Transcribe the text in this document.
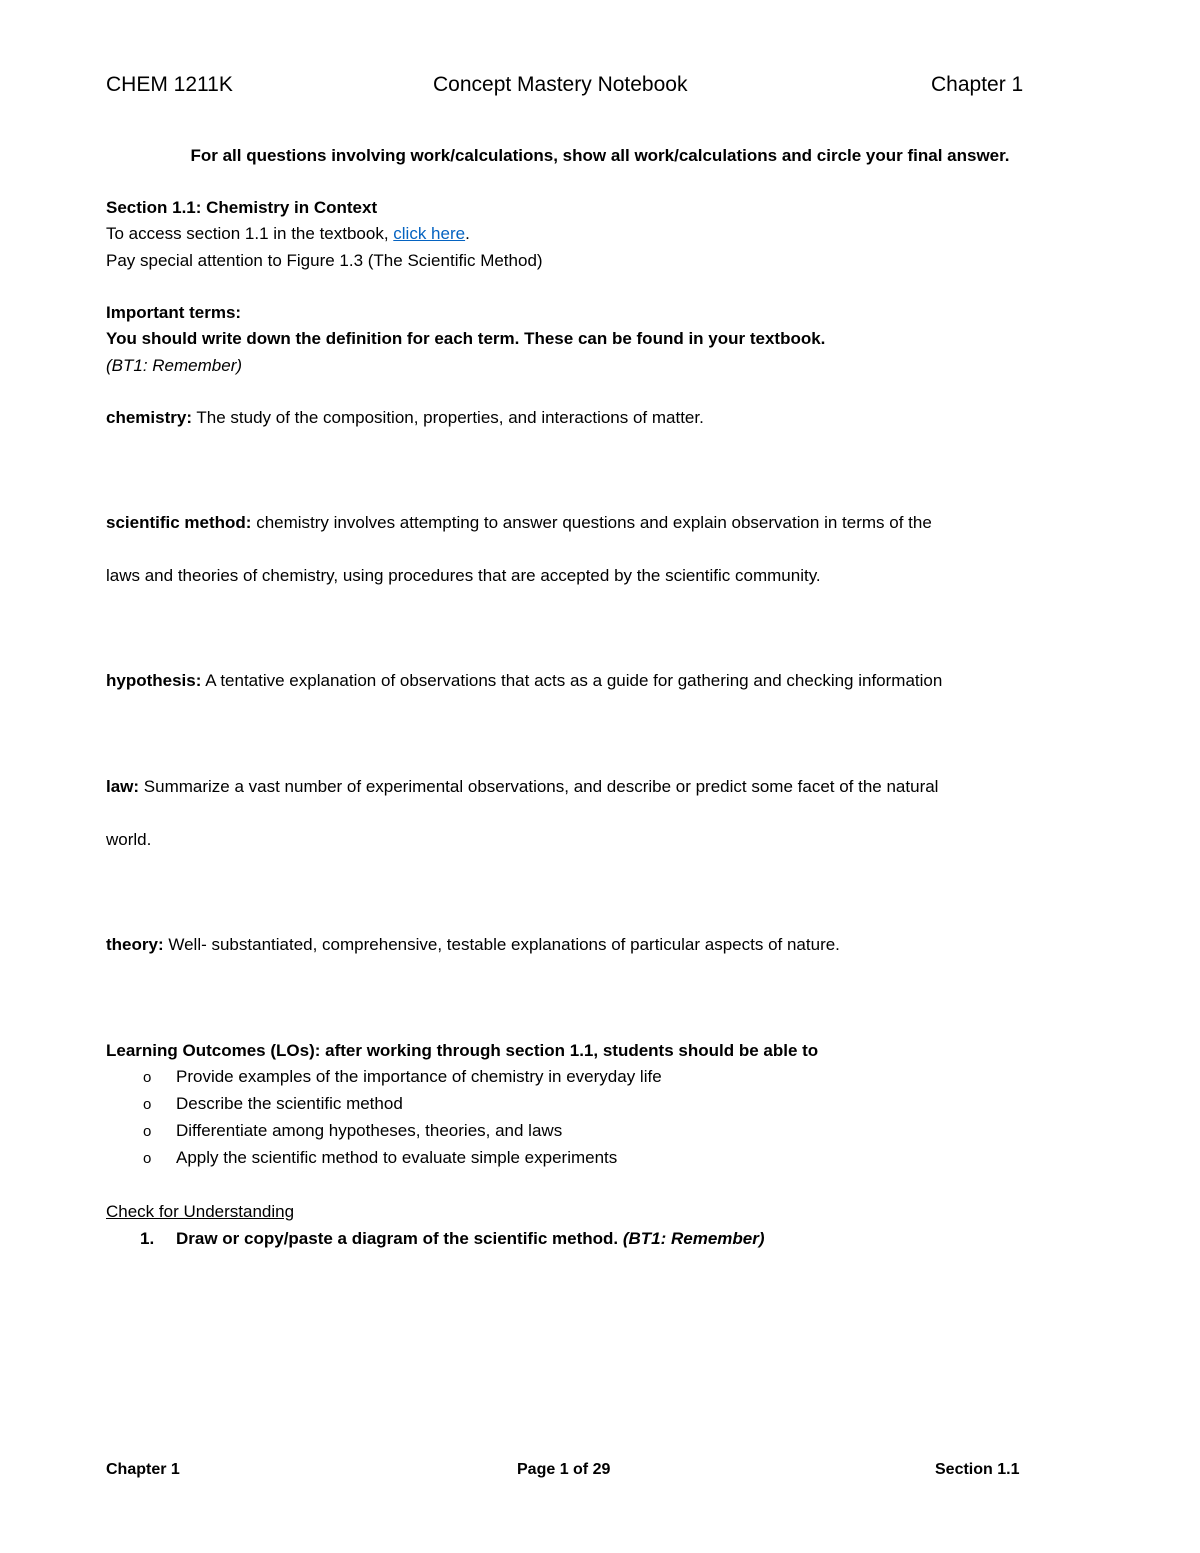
CHEM 1211K	Concept Mastery Notebook	Chapter 1
For all questions involving work/calculations, show all work/calculations and circle your final answer.
Section 1.1: Chemistry in Context
To access section 1.1 in the textbook, click here.
Pay special attention to Figure 1.3 (The Scientific Method)
Important terms:
You should write down the definition for each term. These can be found in your textbook.
(BT1: Remember)
chemistry: The study of the composition, properties, and interactions of matter.
scientific method: chemistry involves attempting to answer questions and explain observation in terms of the
laws and theories of chemistry, using procedures that are accepted by the scientific community.
hypothesis: A tentative explanation of observations that acts as a guide for gathering and checking information
law: Summarize a vast number of experimental observations, and describe or predict some facet of the natural
world.
theory: Well- substantiated, comprehensive, testable explanations of particular aspects of nature.
Learning Outcomes (LOs): after working through section 1.1, students should be able to
o Provide examples of the importance of chemistry in everyday life
o Describe the scientific method
o Differentiate among hypotheses, theories, and laws
o Apply the scientific method to evaluate simple experiments
Check for Understanding
1. Draw or copy/paste a diagram of the scientific method. (BT1: Remember)
Chapter 1	Page 1 of 29	Section 1.1
